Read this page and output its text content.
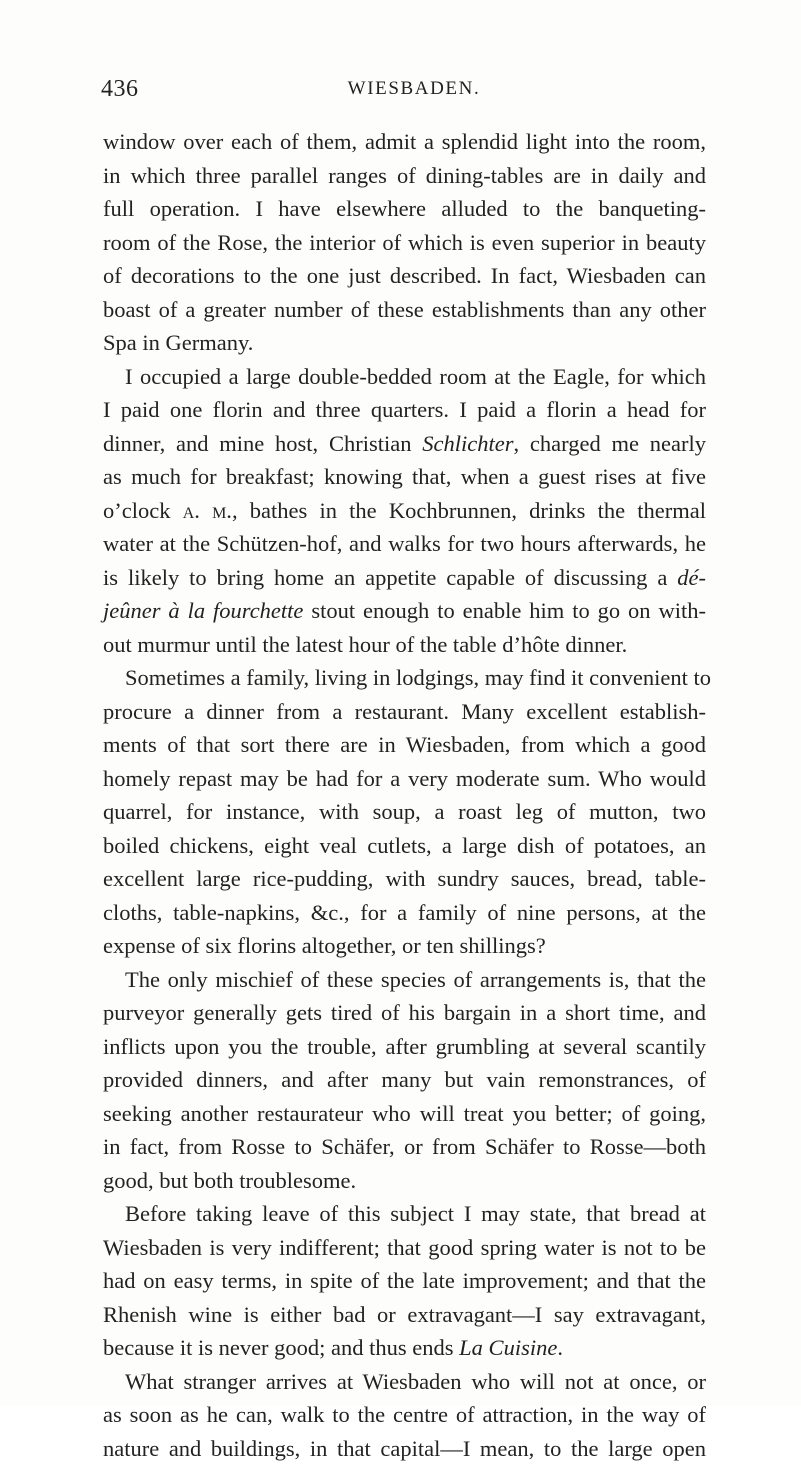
436	WIESBADEN.
window over each of them, admit a splendid light into the room,
in which three parallel ranges of dining-tables are in daily and
full operation. I have elsewhere alluded to the banqueting-
room of the Rose, the interior of which is even superior in beauty
of decorations to the one just described. In fact, Wiesbaden can
boast of a greater number of these establishments than any other
Spa in Germany.
I occupied a large double-bedded room at the Eagle, for which
I paid one florin and three quarters. I paid a florin a head for
dinner, and mine host, Christian Schlichter, charged me nearly
as much for breakfast; knowing that, when a guest rises at five
o’clock a. m., bathes in the Kochbrunnen, drinks the thermal
water at the Schützen-hof, and walks for two hours afterwards, he
is likely to bring home an appetite capable of discussing a dé-
jeûner à la fourchette stout enough to enable him to go on with-
out murmur until the latest hour of the table d’hôte dinner.
Sometimes a family, living in lodgings, may find it convenient to
procure a dinner from a restaurant. Many excellent establish-
ments of that sort there are in Wiesbaden, from which a good
homely repast may be had for a very moderate sum. Who would
quarrel, for instance, with soup, a roast leg of mutton, two
boiled chickens, eight veal cutlets, a large dish of potatoes, an
excellent large rice-pudding, with sundry sauces, bread, table-
cloths, table-napkins, &c., for a family of nine persons, at the
expense of six florins altogether, or ten shillings?
The only mischief of these species of arrangements is, that the
purveyor generally gets tired of his bargain in a short time, and
inflicts upon you the trouble, after grumbling at several scantily
provided dinners, and after many but vain remonstrances, of
seeking another restaurateur who will treat you better; of going,
in fact, from Rosse to Schäfer, or from Schäfer to Rosse—both
good, but both troublesome.
Before taking leave of this subject I may state, that bread at
Wiesbaden is very indifferent; that good spring water is not to be
had on easy terms, in spite of the late improvement; and that the
Rhenish wine is either bad or extravagant—I say extravagant,
because it is never good; and thus ends La Cuisine.
What stranger arrives at Wiesbaden who will not at once, or
as soon as he can, walk to the centre of attraction, in the way of
nature and buildings, in that capital—I mean, to the large open
